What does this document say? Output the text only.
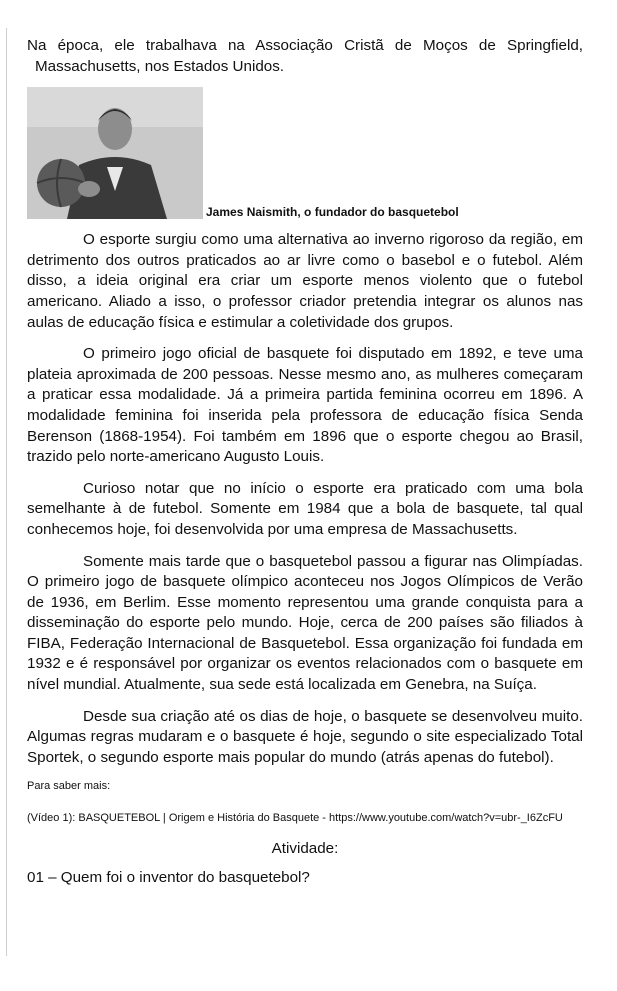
Na época, ele trabalhava na Associação Cristã de Moços de Springfield, Massachusetts, nos Estados Unidos.

James Naismith, o fundador do basquetebol

O esporte surgiu como uma alternativa ao inverno rigoroso da região, em detrimento dos outros praticados ao ar livre como o basebol e o futebol. Além disso, a ideia original era criar um esporte menos violento que o futebol americano. Aliado a isso, o professor criador pretendia integrar os alunos nas aulas de educação física e estimular a coletividade dos grupos.

O primeiro jogo oficial de basquete foi disputado em 1892, e teve uma plateia aproximada de 200 pessoas. Nesse mesmo ano, as mulheres começaram a praticar essa modalidade. Já a primeira partida feminina ocorreu em 1896. A modalidade feminina foi inserida pela professora de educação física Senda Berenson (1868-1954). Foi também em 1896 que o esporte chegou ao Brasil, trazido pelo norte-americano Augusto Louis.

Curioso notar que no início o esporte era praticado com uma bola semelhante à de futebol. Somente em 1984 que a bola de basquete, tal qual conhecemos hoje, foi desenvolvida por uma empresa de Massachusetts.

Somente mais tarde que o basquetebol passou a figurar nas Olimpíadas. O primeiro jogo de basquete olímpico aconteceu nos Jogos Olímpicos de Verão de 1936, em Berlim. Esse momento representou uma grande conquista para a disseminação do esporte pelo mundo. Hoje, cerca de 200 países são filiados à FIBA, Federação Internacional de Basquetebol. Essa organização foi fundada em 1932 e é responsável por organizar os eventos relacionados com o basquete em nível mundial. Atualmente, sua sede está localizada em Genebra, na Suíça.

Desde sua criação até os dias de hoje, o basquete se desenvolveu muito. Algumas regras mudaram e o basquete é hoje, segundo o site especializado Total Sportek, o segundo esporte mais popular do mundo (atrás apenas do futebol).

Para saber mais:

(Vídeo 1): BASQUETEBOL | Origem e História do Basquete - https://www.youtube.com/watch?v=ubr-_I6ZcFU

Atividade:

01 – Quem foi o inventor do basquetebol?
